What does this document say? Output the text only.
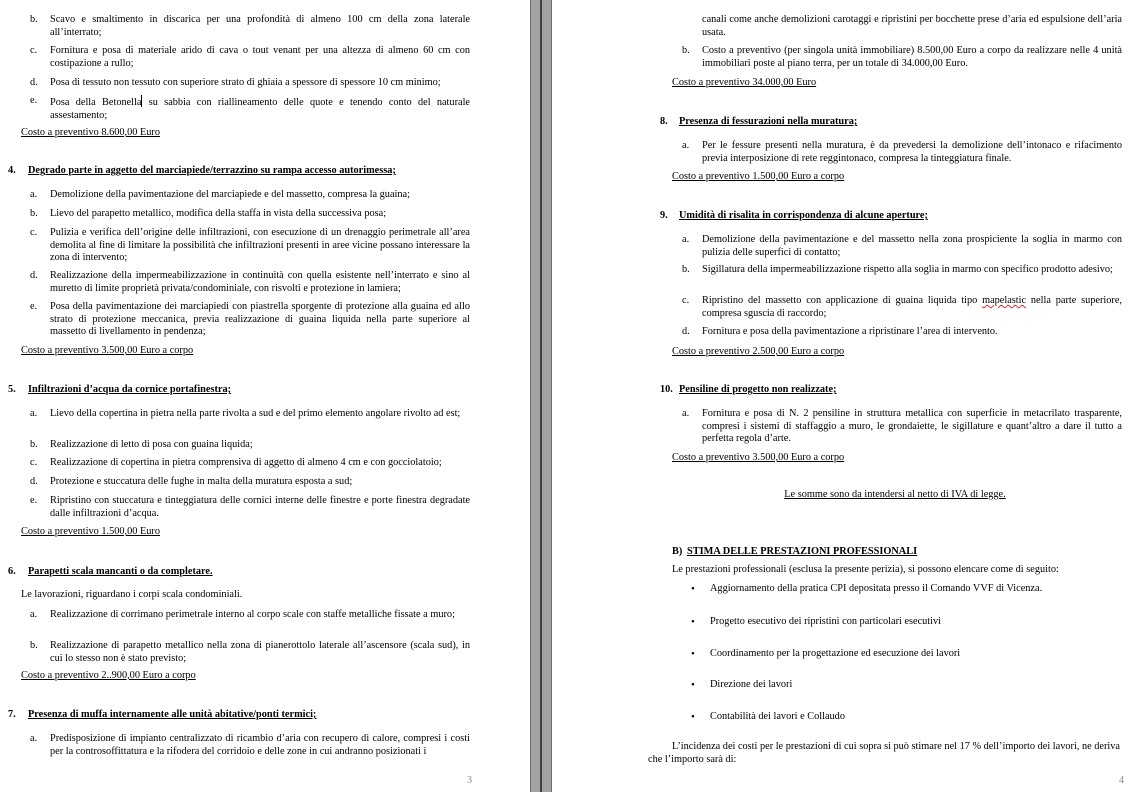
b. Scavo e smaltimento in discarica per una profondità di almeno 100 cm della zona laterale all’interrato;
c. Fornitura e posa di materiale arido di cava o tout venant per una altezza di almeno 60 cm con costipazione a rullo;
d. Posa di tessuto non tessuto con superiore strato di ghiaia a spessore di spessore 10 cm minimo;
e. Posa della Betonella su sabbia con riallineamento delle quote e tenendo conto del naturale assestamento;
Costo a preventivo 8.600,00 Euro
4. Degrado parte in aggetto del marciapiede/terrazzino su rampa accesso autorimessa;
a. Demolizione della pavimentazione del marciapiede e del massetto, compresa la guaina;
b. Lievo del parapetto metallico, modifica della staffa in vista della successiva posa;
c. Pulizia e verifica dell’origine delle infiltrazioni, con esecuzione di un drenaggio perimetrale all’area demolita al fine di limitare la possibilità che infiltrazioni presenti in aree vicine possano interessare la zona di intervento;
d. Realizzazione della impermeabilizzazione in continuità con quella esistente nell’interrato e sino al muretto di limite proprietà privata/condominiale, con risvolti e protezione in lamiera;
e. Posa della pavimentazione dei marciapiedi con piastrella sporgente di protezione alla guaina ed allo strato di protezione meccanica, previa realizzazione di guaina liquida nella parte superiore al massetto di livellamento in pendenza;
Costo a preventivo 3.500,00 Euro a corpo
5. Infiltrazioni d’acqua da cornice portafinestra;
a. Lievo della copertina in pietra nella parte rivolta a sud e del primo elemento angolare rivolto ad est;
b. Realizzazione di letto di posa con guaina liquida;
c. Realizzazione di copertina in pietra comprensiva di aggetto di almeno 4 cm e con gocciolatoio;
d. Protezione e stuccatura delle fughe in malta della muratura esposta a sud;
e. Ripristino con stuccatura e tinteggiatura delle cornici interne delle finestre e porte finestra degradate dalle infiltrazioni d’acqua.
Costo a preventivo 1.500,00 Euro
6. Parapetti scala mancanti o da completare.
Le lavorazioni, riguardano i corpi scala condominiali.
a. Realizzazione di corrimano perimetrale interno al corpo scale con staffe metalliche fissate a muro;
b. Realizzazione di parapetto metallico nella zona di pianerottolo laterale all’ascensore (scala sud), in cui lo stesso non è stato previsto;
Costo a preventivo 2..900,00 Euro a corpo
7. Presenza di muffa internamente alle unità abitative/ponti termici;
a. Predisposizione di impianto centralizzato di ricambio d’aria con recupero di calore, compresi i costi per la controsoffittatura e la rifodera del corridoio e delle zone in cui andranno posizionati i
3
canali come anche demolizioni carotaggi e ripristini per bocchette prese d’aria ed espulsione dell’aria usata.
b. Costo a preventivo (per singola unità immobiliare) 8.500,00 Euro a corpo da realizzare nelle 4 unità immobiliari poste al piano terra, per un totale di 34.000,00 Euro.
Costo a preventivo 34.000,00 Euro
8. Presenza di fessurazioni nella muratura;
a. Per le fessure presenti nella muratura, è da prevedersi la demolizione dell’intonaco e rifacimento previa interposizione di rete reggintonaco, compresa la tinteggiatura finale.
Costo a preventivo 1.500,00 Euro a corpo
9. Umidità di risalita in corrispondenza di alcune aperture;
a. Demolizione della pavimentazione e del massetto nella zona prospiciente la soglia in marmo con pulizia delle superfici di contatto;
b. Sigillatura della impermeabilizzazione rispetto alla soglia in marmo con specifico prodotto adesivo;
c. Ripristino del massetto con applicazione di guaina liquida tipo mapelastic nella parte superiore, compresa sguscia di raccordo;
d. Fornitura e posa della pavimentazione a ripristinare l’area di intervento.
Costo a preventivo 2.500,00 Euro a corpo
10. Pensiline di progetto non realizzate;
a. Fornitura e posa di N. 2 pensiline in struttura metallica con superficie in metacrilato trasparente, compresi i sistemi di staffaggio a muro, le grondaiette, le sigillature e quant’altro a dare il tutto a perfetta regola d’arte.
Costo a preventivo 3.500,00 Euro a corpo
Le somme sono da intendersi al netto di IVA di legge.
B) STIMA DELLE PRESTAZIONI PROFESSIONALI
Le prestazioni professionali (esclusa la presente perizia), si possono elencare come di seguito:
• Aggiornamento della pratica CPI depositata presso il Comando VVF di Vicenza.
• Progetto esecutivo dei ripristini con particolari esecutivi
• Coordinamento per la progettazione ed esecuzione dei lavori
• Direzione dei lavori
• Contabilità dei lavori e Collaudo
L’incidenza dei costi per le prestazioni di cui sopra si può stimare nel 17 % dell’importo dei lavori, ne deriva che l’importo sarà di:
4
